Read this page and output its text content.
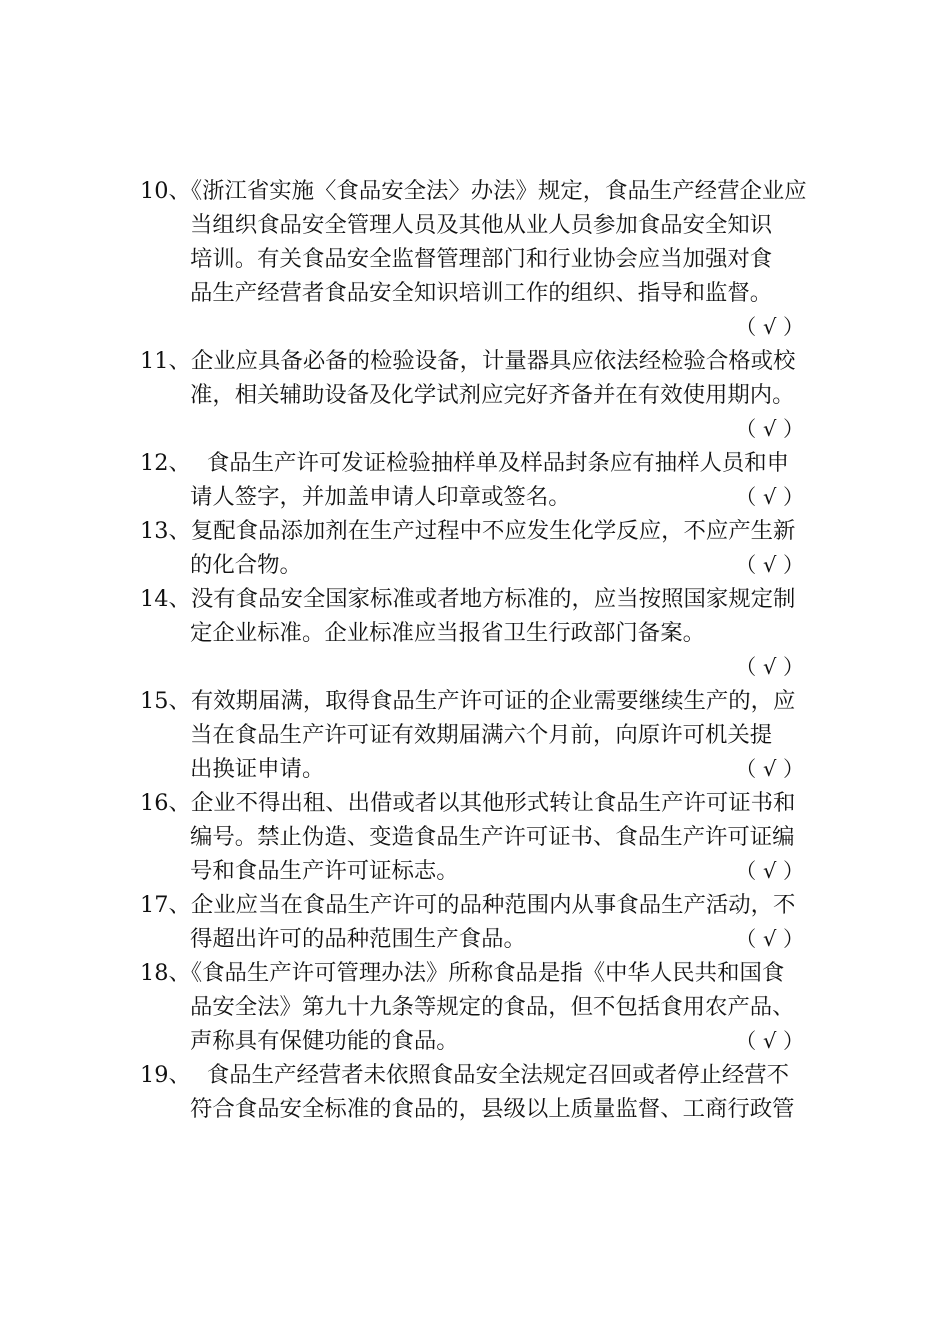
10、《浙江省实施〈食品安全法〉办法》规定，食品生产经营企业应
当组织食品安全管理人员及其他从业人员参加食品安全知识
培训。有关食品安全监督管理部门和行业协会应当加强对食
品生产经营者食品安全知识培训工作的组织、指导和监督。
（ √ ）
11、企业应具备必备的检验设备，计量器具应依法经检验合格或校
准，相关辅助设备及化学试剂应完好齐备并在有效使用期内。
（ √ ）
12、 食品生产许可发证检验抽样单及样品封条应有抽样人员和申
请人签字，并加盖申请人印章或签名。	（ √ ）
13、复配食品添加剂在生产过程中不应发生化学反应，不应产生新
的化合物。	（ √ ）
14、没有食品安全国家标准或者地方标准的，应当按照国家规定制
定企业标准。企业标准应当报省卫生行政部门备案。
（ √ ）
15、有效期届满，取得食品生产许可证的企业需要继续生产的，应
当在食品生产许可证有效期届满六个月前，向原许可机关提
出换证申请。	（ √ ）
16、企业不得出租、出借或者以其他形式转让食品生产许可证书和
编号。禁止伪造、变造食品生产许可证书、食品生产许可证编
号和食品生产许可证标志。	（ √ ）
17、企业应当在食品生产许可的品种范围内从事食品生产活动，不
得超出许可的品种范围生产食品。	（ √ ）
18、《食品生产许可管理办法》所称食品是指《中华人民共和国食
品安全法》第九十九条等规定的食品，但不包括食用农产品、
声称具有保健功能的食品。	（ √ ）
19、 食品生产经营者未依照食品安全法规定召回或者停止经营不
符合食品安全标准的食品的，县级以上质量监督、工商行政管
